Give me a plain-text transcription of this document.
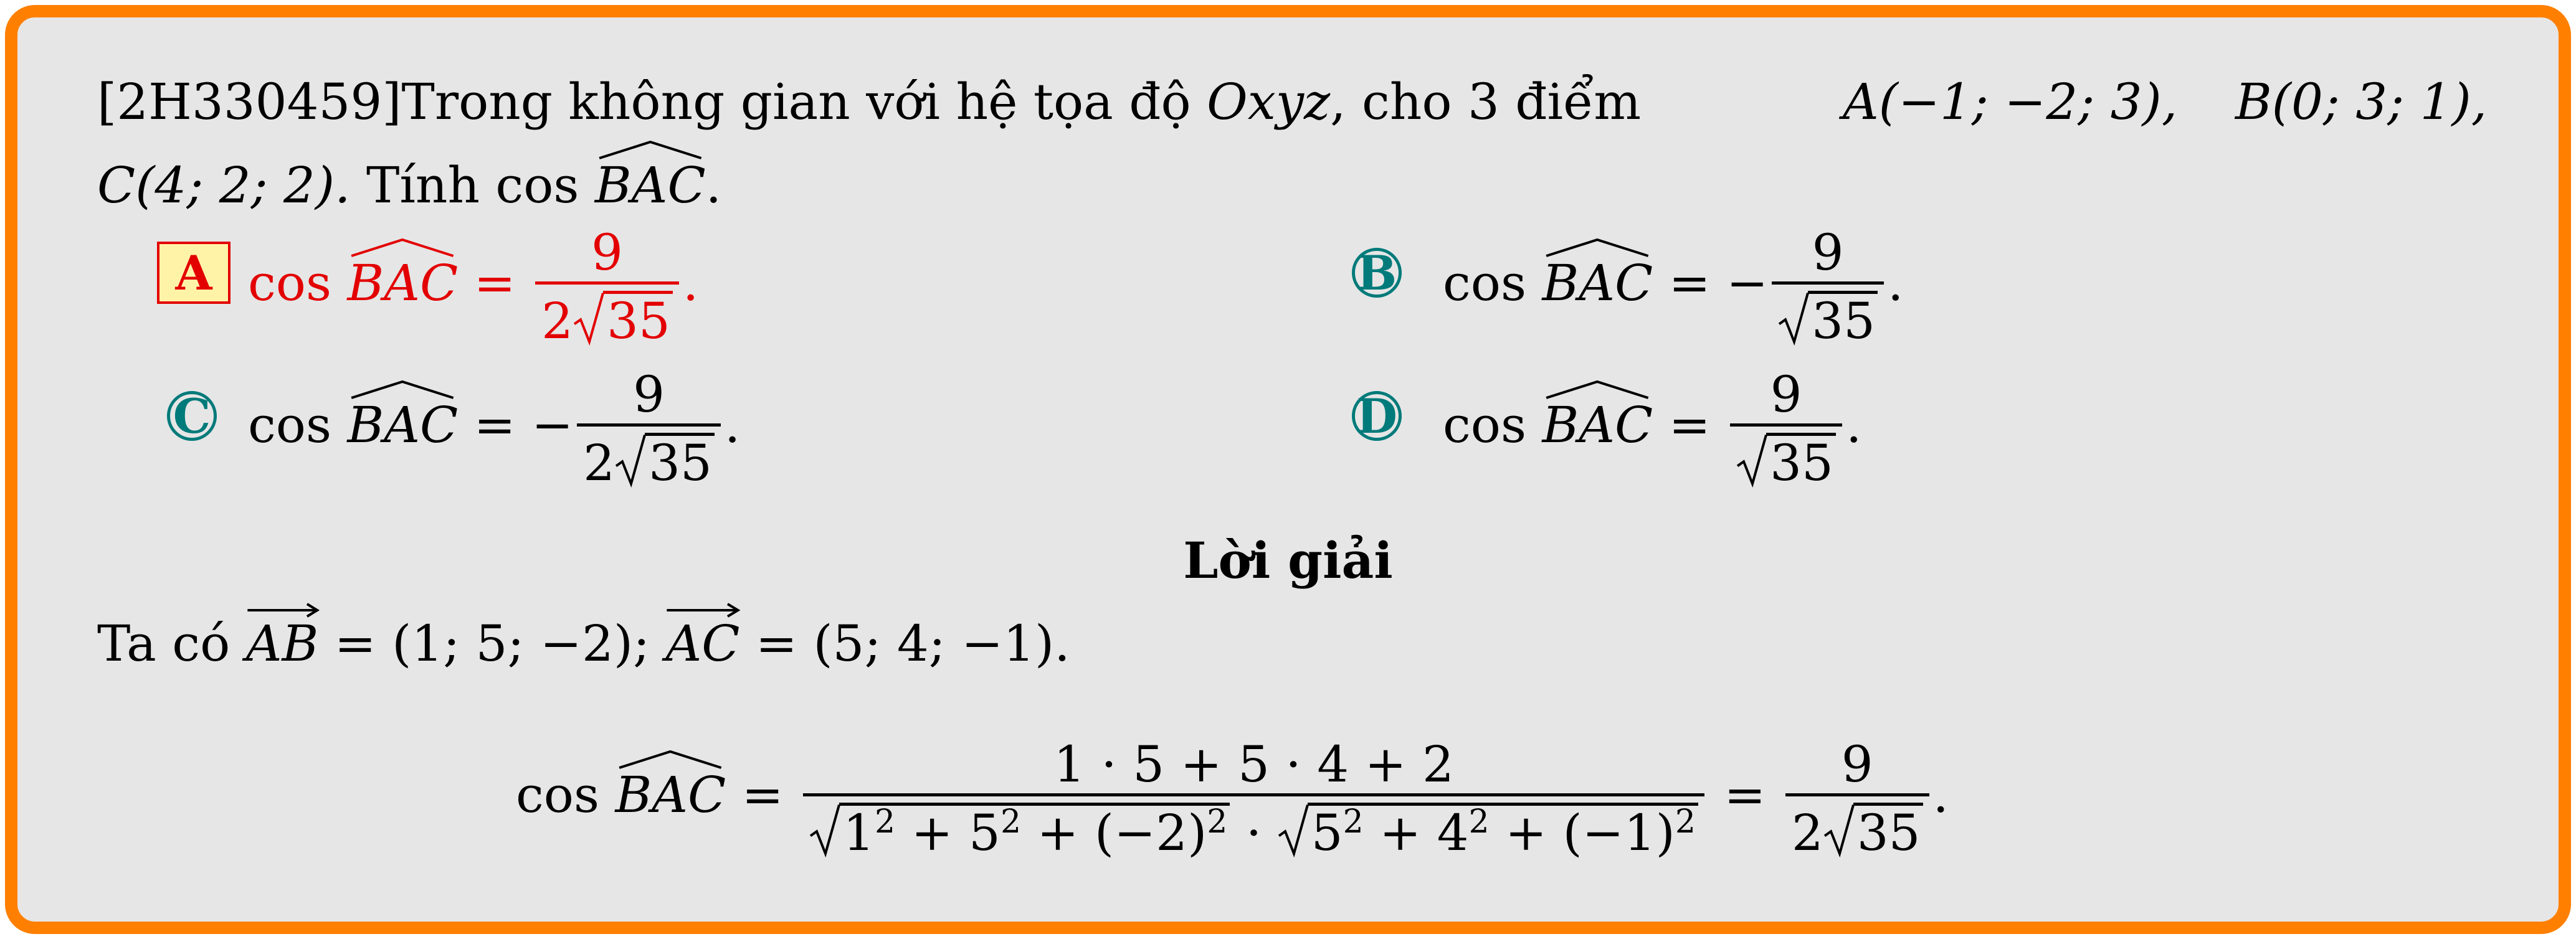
[2H330459]Trong không gian với hệ tọa độ Oxyz, cho 3 điểm	A(−1; −2; 3), B(0; 3; 1),
C(4; 2; 2). Tính cos BAC.
A cos BAC = $\frac{9}{2 35}$ .	B cos BAC = − $\frac{9}{35}$ .
C cos BAC = − $\frac{9}{2 35}$ .	D cos BAC = $\frac{9}{35}$ .
Lời giải
Ta có AB = (1; 5; −2); AC = (5; 4; −1).
cos BAC = $\frac{1 \cdot 5 + 5 \cdot 4 + 2}{1^2 + 5^2 + (-2)^2 \cdot 5^2 + 4^2 + (-1)^2} = \frac{9}{2 35}$ .
